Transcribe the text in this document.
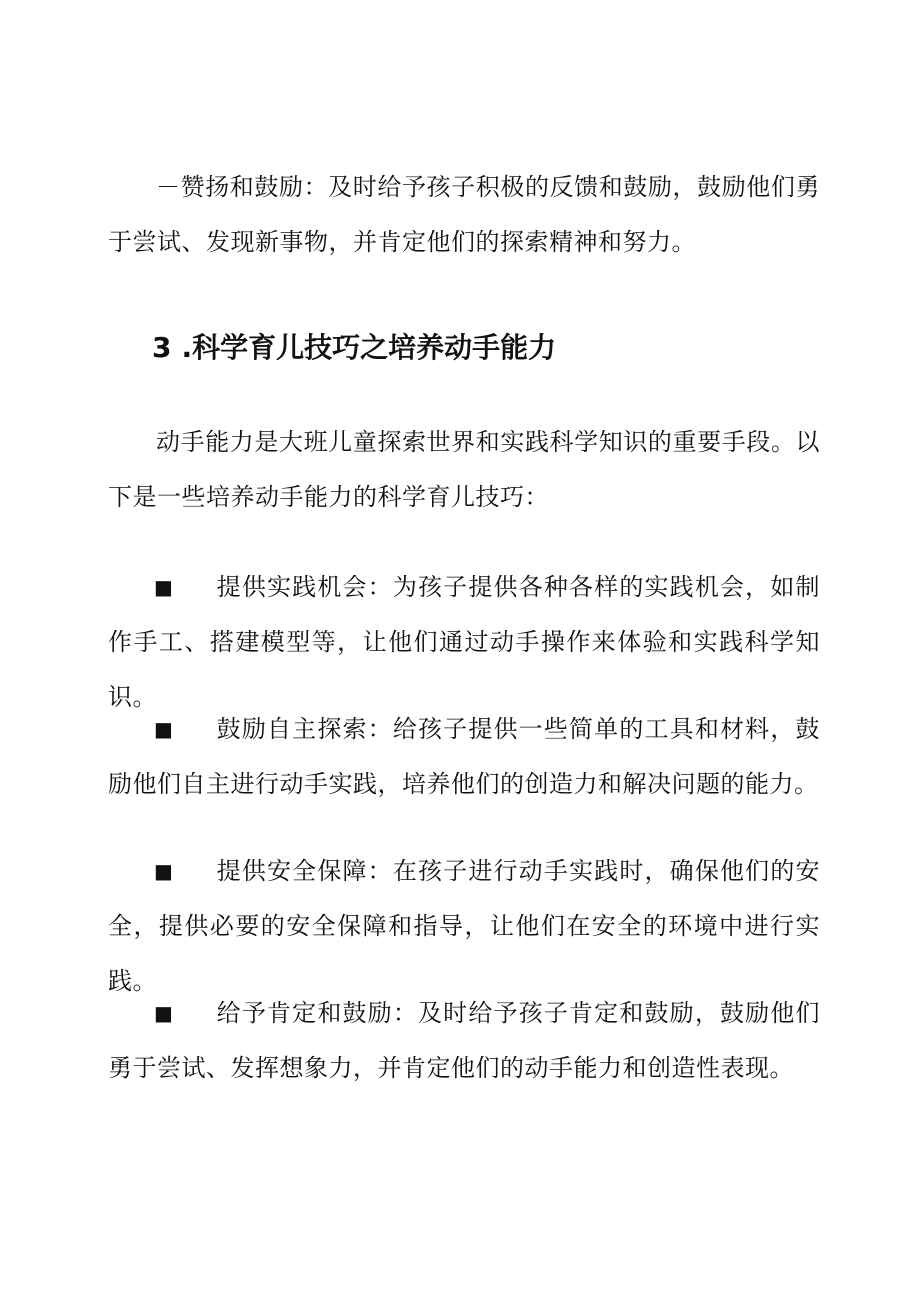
－赞扬和鼓励：及时给予孩子积极的反馈和鼓励，鼓励他们勇于尝试、发现新事物，并肯定他们的探索精神和努力。

3 .科学育儿技巧之培养动手能力

动手能力是大班儿童探索世界和实践科学知识的重要手段。以下是一些培养动手能力的科学育儿技巧：

■ 提供实践机会：为孩子提供各种各样的实践机会，如制作手工、搭建模型等，让他们通过动手操作来体验和实践科学知识。

■ 鼓励自主探索：给孩子提供一些简单的工具和材料，鼓励他们自主进行动手实践，培养他们的创造力和解决问题的能力。

■ 提供安全保障：在孩子进行动手实践时，确保他们的安全，提供必要的安全保障和指导，让他们在安全的环境中进行实践。

■ 给予肯定和鼓励：及时给予孩子肯定和鼓励，鼓励他们勇于尝试、发挥想象力，并肯定他们的动手能力和创造性表现。
